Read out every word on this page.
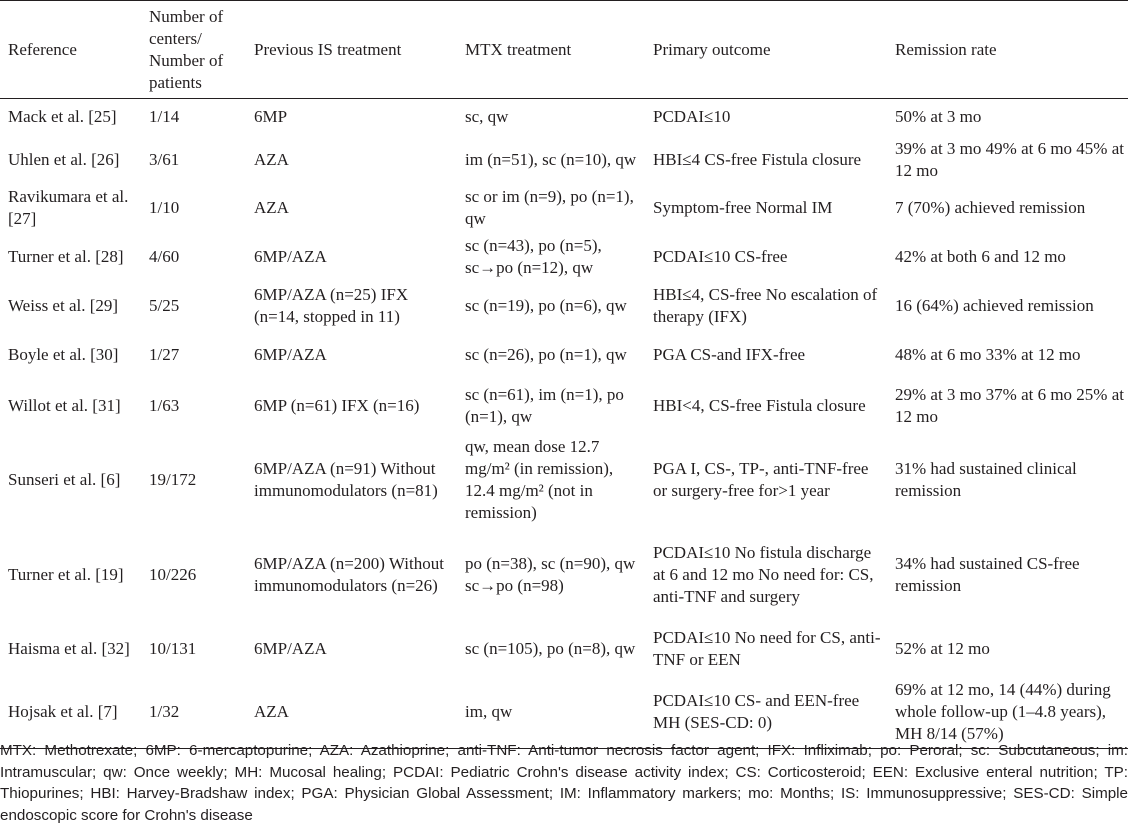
Reference	Number of centers/ Number of patients	Previous IS treatment	MTX treatment	Primary outcome	Remission rate
Mack et al. [25]	1/14	6MP	sc, qw	PCDAI≤10	50% at 3 mo
Uhlen et al. [26]	3/61	AZA	im (n=51), sc (n=10), qw	HBI≤4 CS-free Fistula closure	39% at 3 mo 49% at 6 mo 45% at 12 mo
Ravikumara et al. [27]	1/10	AZA	sc or im (n=9), po (n=1), qw	Symptom-free Normal IM	7 (70%) achieved remission
Turner et al. [28]	4/60	6MP/AZA	sc (n=43), po (n=5), sc→po (n=12), qw	PCDAI≤10 CS-free	42% at both 6 and 12 mo
Weiss et al. [29]	5/25	6MP/AZA (n=25) IFX (n=14, stopped in 11)	sc (n=19), po (n=6), qw	HBI≤4, CS-free No escalation of therapy (IFX)	16 (64%) achieved remission
Boyle et al. [30]	1/27	6MP/AZA	sc (n=26), po (n=1), qw	PGA CS-and IFX-free	48% at 6 mo 33% at 12 mo
Willot et al. [31]	1/63	6MP (n=61) IFX (n=16)	sc (n=61), im (n=1), po (n=1), qw	HBI<4, CS-free Fistula closure	29% at 3 mo 37% at 6 mo 25% at 12 mo
Sunseri et al. [6]	19/172	6MP/AZA (n=91) Without immunomodulators (n=81)	qw, mean dose 12.7 mg/m² (in remission), 12.4 mg/m² (not in remission)	PGA I, CS-, TP-, anti-TNF-free or surgery-free for>1 year	31% had sustained clinical remission
Turner et al. [19]	10/226	6MP/AZA (n=200) Without immunomodulators (n=26)	po (n=38), sc (n=90), qw sc→po (n=98)	PCDAI≤10 No fistula discharge at 6 and 12 mo No need for: CS, anti-TNF and surgery	34% had sustained CS-free remission
Haisma et al. [32]	10/131	6MP/AZA	sc (n=105), po (n=8), qw	PCDAI≤10 No need for CS, anti-TNF or EEN	52% at 12 mo
Hojsak et al. [7]	1/32	AZA	im, qw	PCDAI≤10 CS- and EEN-free MH (SES-CD: 0)	69% at 12 mo, 14 (44%) during whole follow-up (1–4.8 years), MH 8/14 (57%)
MTX: Methotrexate; 6MP: 6-mercaptopurine; AZA: Azathioprine; anti-TNF: Anti-tumor necrosis factor agent; IFX: Infliximab; po: Peroral; sc: Subcutaneous; im: Intramuscular; qw: Once weekly; MH: Mucosal healing; PCDAI: Pediatric Crohn's disease activity index; CS: Corticosteroid; EEN: Exclusive enteral nutrition; TP: Thiopurines; HBI: Harvey-Bradshaw index; PGA: Physician Global Assessment; IM: Inflammatory markers; mo: Months; IS: Immunosuppressive; SES-CD: Simple endoscopic score for Crohn's disease
